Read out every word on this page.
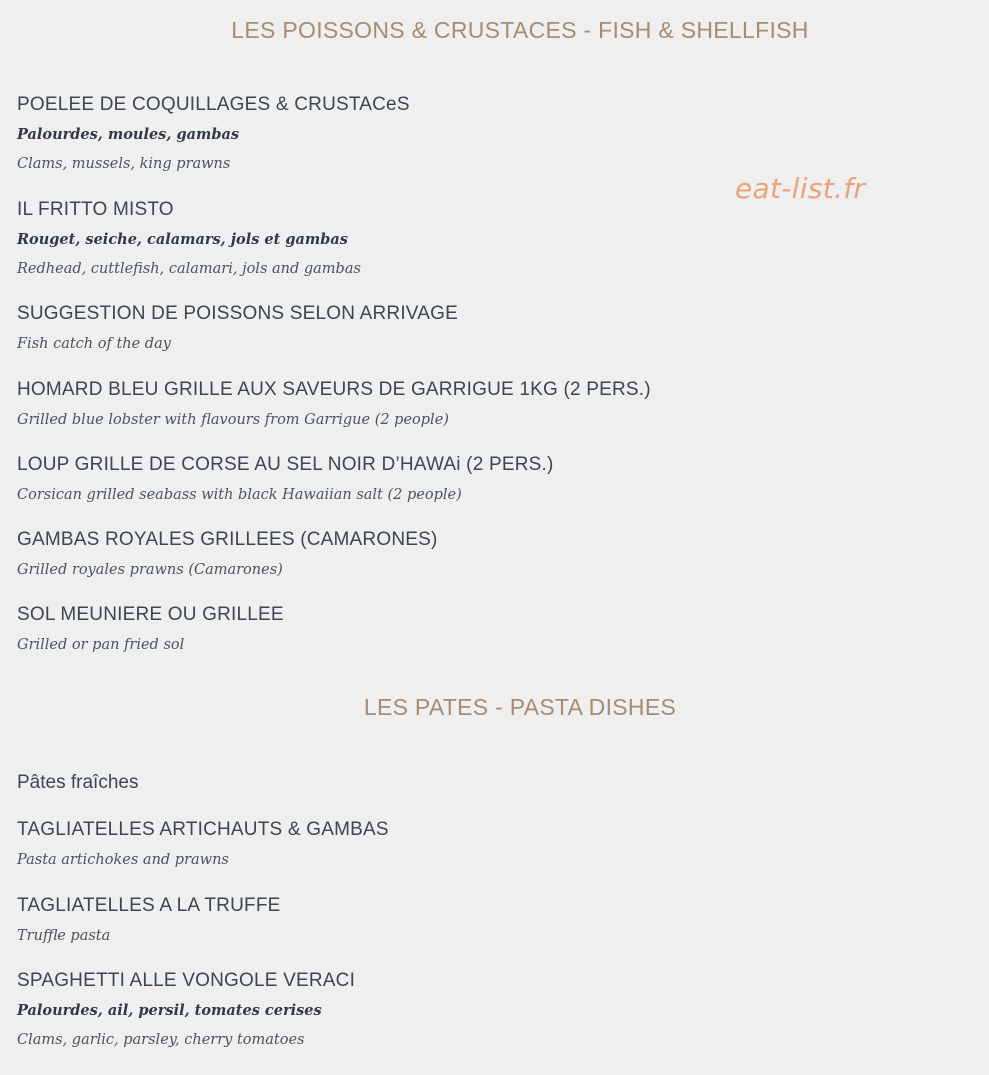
LES POISSONS & CRUSTACES - FISH & SHELLFISH
eat-list.fr
POELEE DE COQUILLAGES & CRUSTACeS
Palourdes, moules, gambas
Clams, mussels, king prawns
IL FRITTO MISTO
Rouget, seiche, calamars, jols et gambas
Redhead, cuttlefish, calamari, jols and gambas
SUGGESTION DE POISSONS SELON ARRIVAGE
Fish catch of the day
HOMARD BLEU GRILLE AUX SAVEURS DE GARRIGUE 1KG (2 PERS.)
Grilled blue lobster with flavours from Garrigue (2 people)
LOUP GRILLE DE CORSE AU SEL NOIR D’HAWAi (2 PERS.)
Corsican grilled seabass with black Hawaiian salt (2 people)
GAMBAS ROYALES GRILLEES (CAMARONES)
Grilled royales prawns (Camarones)
SOL MEUNIERE OU GRILLEE
Grilled or pan fried sol
LES PATES - PASTA DISHES
Pâtes fraîches
TAGLIATELLES ARTICHAUTS & GAMBAS
Pasta artichokes and prawns
TAGLIATELLES A LA TRUFFE
Truffle pasta
SPAGHETTI ALLE VONGOLE VERACI
Palourdes, ail, persil, tomates cerises
Clams, garlic, parsley, cherry tomatoes
